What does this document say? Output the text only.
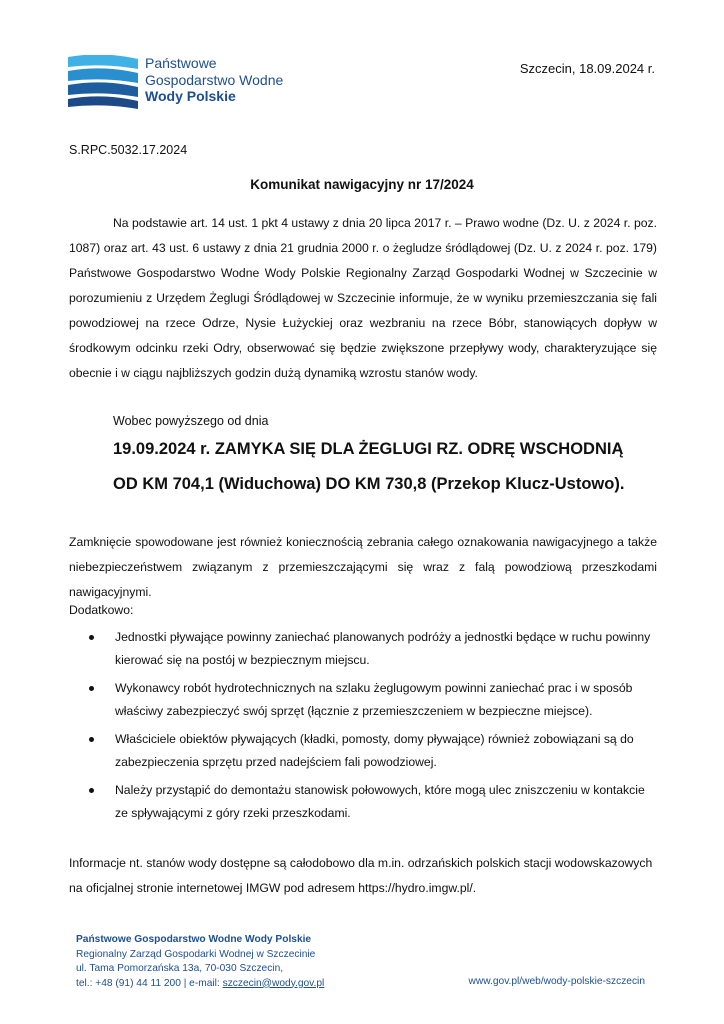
Państwowe
Gospodarstwo Wodne
Wody Polskie
Szczecin, 18.09.2024 r.
S.RPC.5032.17.2024
Komunikat nawigacyjny nr 17/2024
Na podstawie art. 14 ust. 1 pkt 4 ustawy z dnia 20 lipca 2017 r. – Prawo wodne (Dz. U. z 2024 r. poz. 1087) oraz art. 43 ust. 6 ustawy z dnia 21 grudnia 2000 r. o żegludze śródlądowej (Dz. U. z 2024 r. poz. 179) Państwowe Gospodarstwo Wodne Wody Polskie Regionalny Zarząd Gospodarki Wodnej w Szczecinie w porozumieniu z Urzędem Żeglugi Śródlądowej w Szczecinie informuje, że w wyniku przemieszczania się fali powodziowej na rzece Odrze, Nysie Łużyckiej oraz wezbraniu na rzece Bóbr, stanowiących dopływ w środkowym odcinku rzeki Odry, obserwować się będzie zwiększone przepływy wody, charakteryzujące się obecnie i w ciągu najbliższych godzin dużą dynamiką wzrostu stanów wody.
Wobec powyższego od dnia
19.09.2024 r. ZAMYKA SIĘ DLA ŻEGLUGI RZ. ODRĘ WSCHODNIĄ
OD KM 704,1 (Widuchowa) DO KM 730,8 (Przekop Klucz-Ustowo).
Zamknięcie spowodowane jest również koniecznością zebrania całego oznakowania nawigacyjnego a także niebezpieczeństwem związanym z przemieszczającymi się wraz z falą powodziową przeszkodami nawigacyjnymi.
Dodatkowo:
Jednostki pływające powinny zaniechać planowanych podróży a jednostki będące w ruchu powinny kierować się na postój w bezpiecznym miejscu.
Wykonawcy robót hydrotechnicznych na szlaku żeglugowym powinni zaniechać prac i w sposób właściwy zabezpieczyć swój sprzęt (łącznie z przemieszczeniem w bezpieczne miejsce).
Właściciele obiektów pływających (kładki, pomosty, domy pływające) również zobowiązani są do zabezpieczenia sprzętu przed nadejściem fali powodziowej.
Należy przystąpić do demontażu stanowisk połowowych, które mogą ulec zniszczeniu w kontakcie ze spływającymi z góry rzeki przeszkodami.
Informacje nt. stanów wody dostępne są całodobowo dla m.in. odrzańskich polskich stacji wodowskazowych na oficjalnej stronie internetowej IMGW pod adresem https://hydro.imgw.pl/.
Państwowe Gospodarstwo Wodne Wody Polskie
Regionalny Zarząd Gospodarki Wodnej w Szczecinie
ul. Tama Pomorzańska 13a, 70-030 Szczecin,
tel.: +48 (91) 44 11 200 | e-mail: szczecin@wody.gov.pl	www.gov.pl/web/wody-polskie-szczecin
